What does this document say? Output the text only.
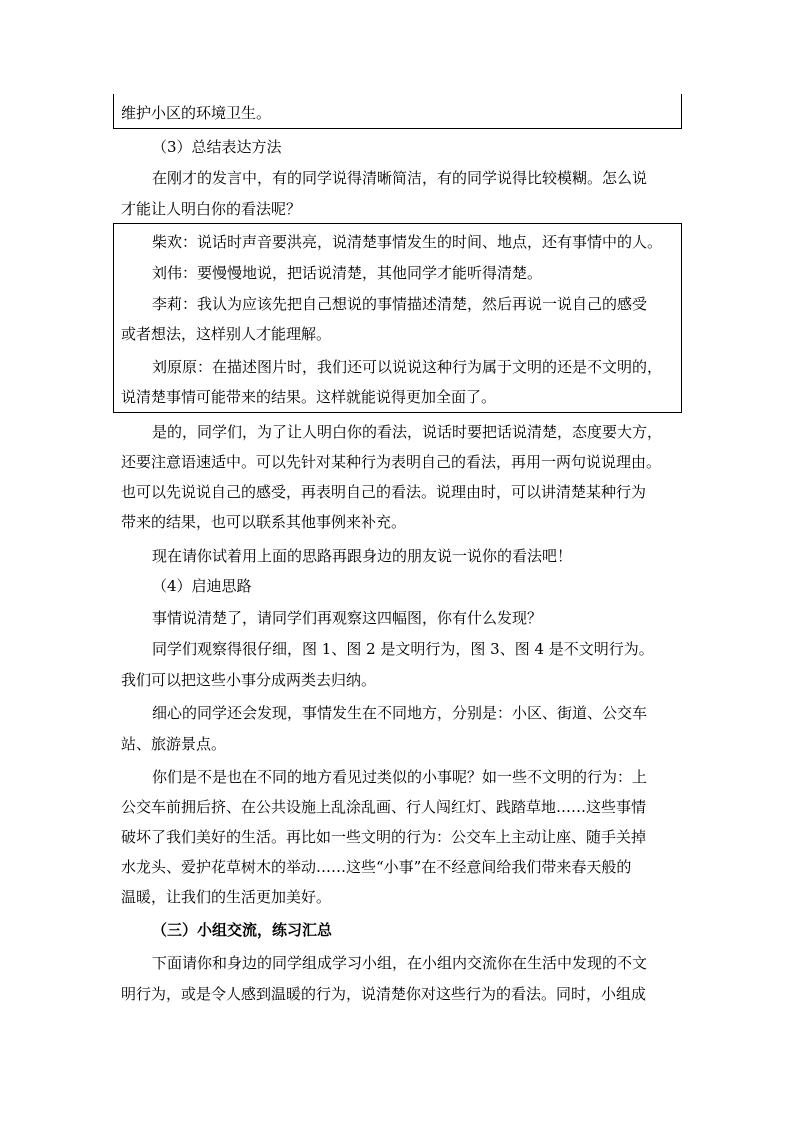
维护小区的环境卫生。
（3）总结表达方法
在刚才的发言中，有的同学说得清晰简洁，有的同学说得比较模糊。怎么说
才能让人明白你的看法呢？
柴欢：说话时声音要洪亮，说清楚事情发生的时间、地点，还有事情中的人。
刘伟：要慢慢地说，把话说清楚，其他同学才能听得清楚。
李莉：我认为应该先把自己想说的事情描述清楚，然后再说一说自己的感受
或者想法，这样别人才能理解。
刘原原：在描述图片时，我们还可以说说这种行为属于文明的还是不文明的，
说清楚事情可能带来的结果。这样就能说得更加全面了。
是的，同学们，为了让人明白你的看法，说话时要把话说清楚，态度要大方，
还要注意语速适中。可以先针对某种行为表明自己的看法，再用一两句说说理由。
也可以先说说自己的感受，再表明自己的看法。说理由时，可以讲清楚某种行为
带来的结果，也可以联系其他事例来补充。
现在请你试着用上面的思路再跟身边的朋友说一说你的看法吧！
（4）启迪思路
事情说清楚了，请同学们再观察这四幅图，你有什么发现？
同学们观察得很仔细，图 1、图 2 是文明行为，图 3、图 4 是不文明行为。
我们可以把这些小事分成两类去归纳。
细心的同学还会发现，事情发生在不同地方，分别是：小区、街道、公交车
站、旅游景点。
你们是不是也在不同的地方看见过类似的小事呢？如一些不文明的行为：上
公交车前拥后挤、在公共设施上乱涂乱画、行人闯红灯、践踏草地……这些事情
破坏了我们美好的生活。再比如一些文明的行为：公交车上主动让座、随手关掉
水龙头、爱护花草树木的举动……这些“小事”在不经意间给我们带来春天般的
温暖，让我们的生活更加美好。
（三）小组交流，练习汇总
下面请你和身边的同学组成学习小组，在小组内交流你在生活中发现的不文
明行为，或是令人感到温暖的行为，说清楚你对这些行为的看法。同时，小组成
